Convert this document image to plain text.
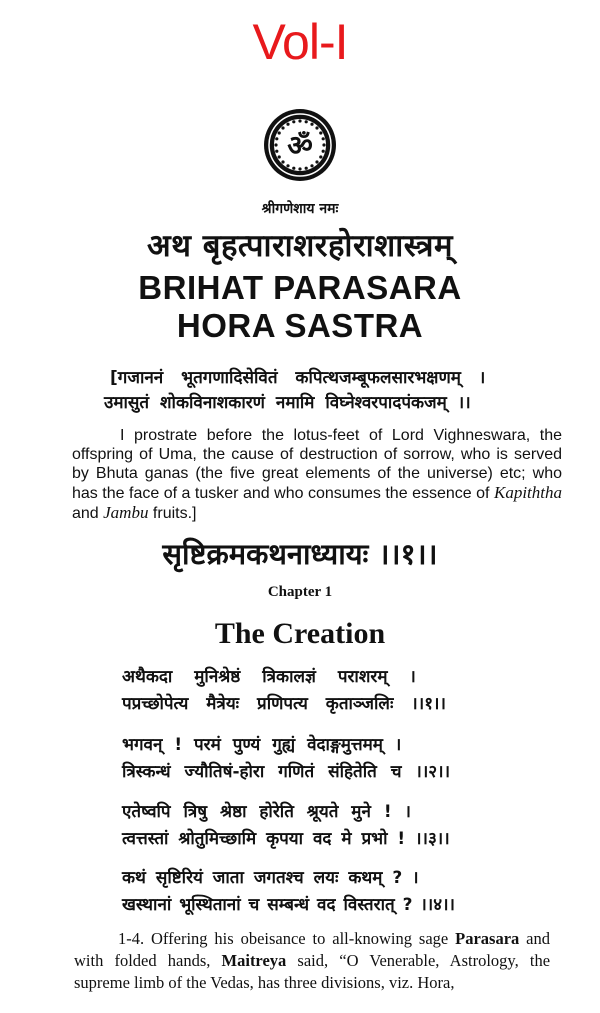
Vol-I
ॐ
श्रीगणेशाय नमः
अथ बृहत्पाराशरहोराशास्त्रम्
BRIHAT PARASARA
HORA SASTRA
[गजाननं भूतगणादिसेवितं कपित्थजम्बूफलसारभक्षणम् ।
उमासुतं शोकविनाशकारणं नमामि विघ्नेश्वरपादपंकजम् ।।

I prostrate before the lotus-feet of Lord Vighneswara, the offspring of Uma, the cause of destruction of sorrow, who is served by Bhuta ganas (the five great elements of the universe) etc; who has the face of a tusker and who consumes the essence of Kapiththa and Jambu fruits.]

सृष्टिक्रमकथनाध्यायः ।।१।।
Chapter 1
The Creation
अथैकदा मुनिश्रेष्ठं त्रिकालज्ञं पराशरम् ।
पप्रच्छोपेत्य मैत्रेयः प्रणिपत्य कृताञ्जलिः ।।१।।
भगवन् ! परमं पुण्यं गुह्यं वेदाङ्गमुत्तमम् ।
त्रिस्कन्धं ज्यौतिषं-होरा गणितं संहितेति च ।।२।।
एतेष्वपि त्रिषु श्रेष्ठा होरेति श्रूयते मुने ! ।
त्वत्तस्तां श्रोतुमिच्छामि कृपया वद मे प्रभो ! ।।३।।
कथं सृष्टिरियं जाता जगतश्च लयः कथम् ? ।
खस्थानां भूस्थितानां च सम्बन्धं वद विस्तरात् ? ।।४।।

1-4. Offering his obeisance to all-knowing sage Parasara and with folded hands, Maitreya said, “O Venerable, Astrology, the supreme limb of the Vedas, has three divisions, viz. Hora,
